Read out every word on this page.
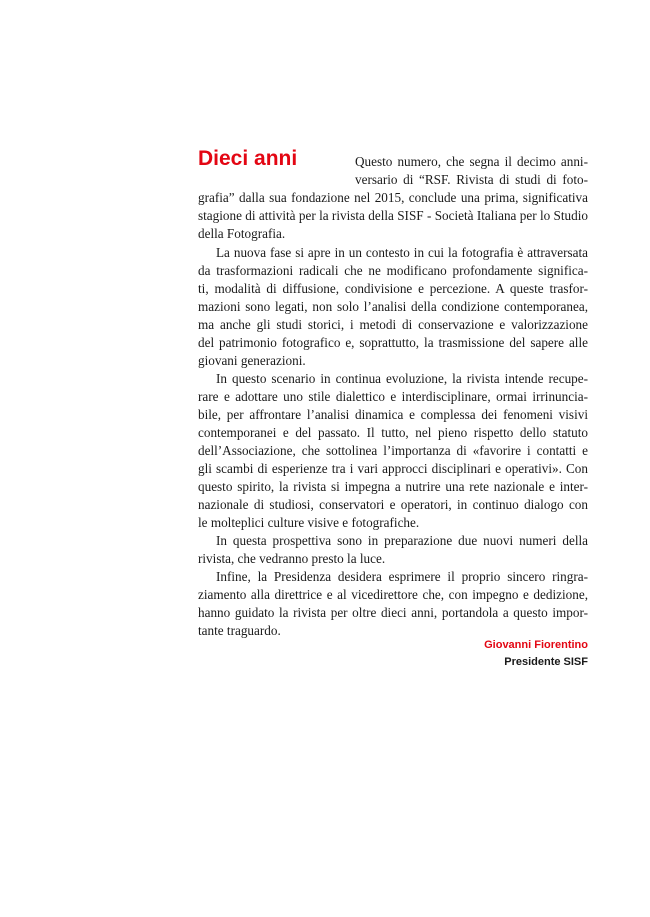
Dieci anni	Questo numero, che segna il decimo anni-
versario di “RSF. Rivista di studi di foto-
grafia” dalla sua fondazione nel 2015, conclude una prima, significativa
stagione di attività per la rivista della SISF - Società Italiana per lo Studio
della Fotografia.
La nuova fase si apre in un contesto in cui la fotografia è attraversata
da trasformazioni radicali che ne modificano profondamente significa-
ti, modalità di diffusione, condivisione e percezione. A queste trasfor-
mazioni sono legati, non solo l’analisi della condizione contemporanea,
ma anche gli studi storici, i metodi di conservazione e valorizzazione
del patrimonio fotografico e, soprattutto, la trasmissione del sapere alle
giovani generazioni.
In questo scenario in continua evoluzione, la rivista intende recupe-
rare e adottare uno stile dialettico e interdisciplinare, ormai irrinuncia-
bile, per affrontare l’analisi dinamica e complessa dei fenomeni visivi
contemporanei e del passato. Il tutto, nel pieno rispetto dello statuto
dell’Associazione, che sottolinea l’importanza di «favorire i contatti e
gli scambi di esperienze tra i vari approcci disciplinari e operativi». Con
questo spirito, la rivista si impegna a nutrire una rete nazionale e inter-
nazionale di studiosi, conservatori e operatori, in continuo dialogo con
le molteplici culture visive e fotografiche.
In questa prospettiva sono in preparazione due nuovi numeri della
rivista, che vedranno presto la luce.
Infine, la Presidenza desidera esprimere il proprio sincero ringra-
ziamento alla direttrice e al vicedirettore che, con impegno e dedizione,
hanno guidato la rivista per oltre dieci anni, portandola a questo impor-
tante traguardo.
Giovanni Fiorentino
Presidente SISF
